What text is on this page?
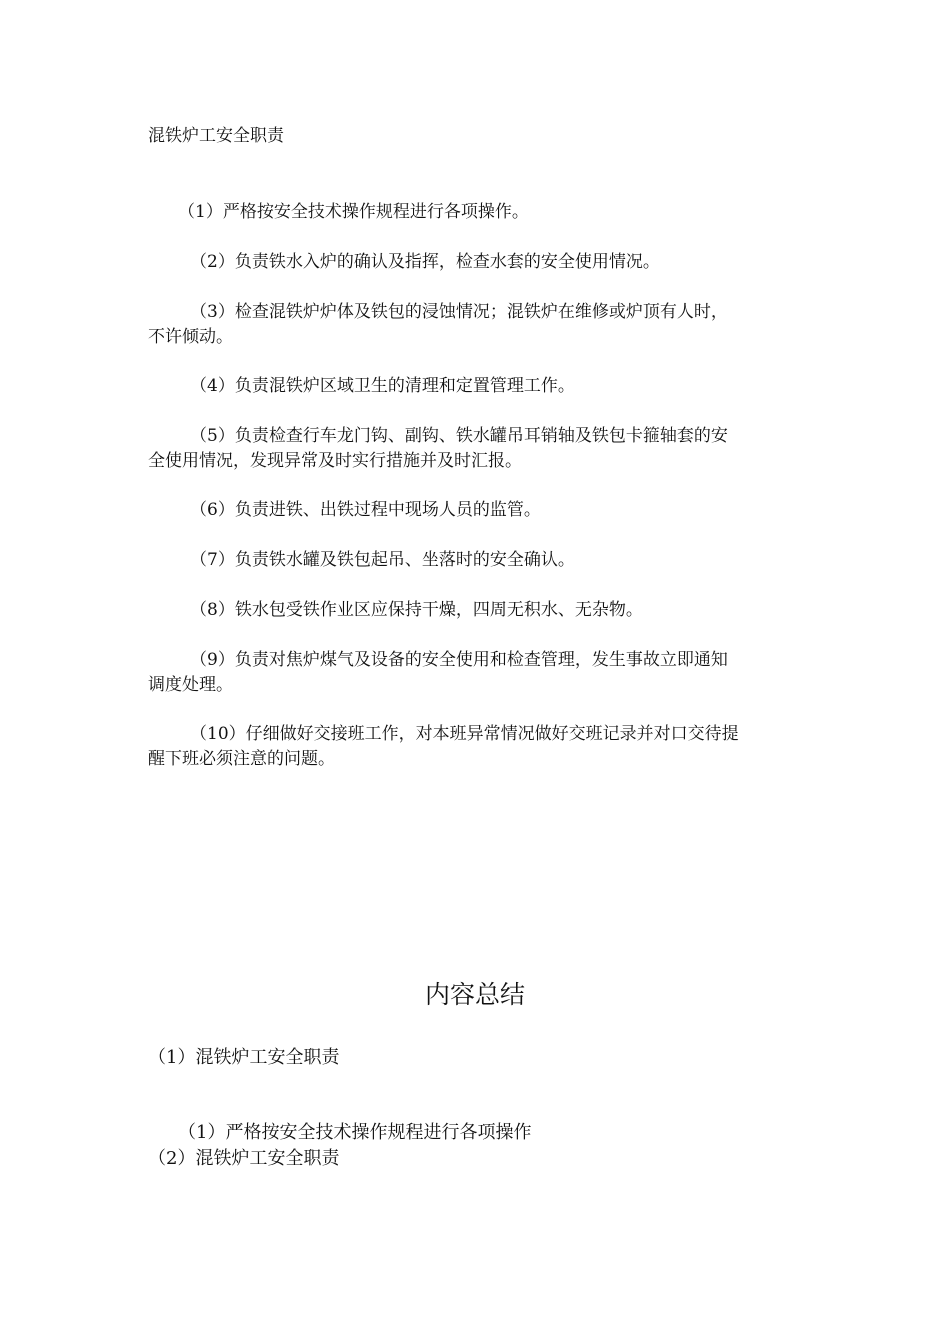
混铁炉工安全职责
（1）严格按安全技术操作规程进行各项操作。
（2）负责铁水入炉的确认及指挥，检查水套的安全使用情况。
（3）检查混铁炉炉体及铁包的浸蚀情况；混铁炉在维修或炉顶有人时，
不许倾动。
（4）负责混铁炉区域卫生的清理和定置管理工作。
（5）负责检查行车龙门钩、副钩、铁水罐吊耳销轴及铁包卡箍轴套的安
全使用情况，发现异常及时实行措施并及时汇报。
（6）负责进铁、出铁过程中现场人员的监管。
（7）负责铁水罐及铁包起吊、坐落时的安全确认。
（8）铁水包受铁作业区应保持干燥，四周无积水、无杂物。
（9）负责对焦炉煤气及设备的安全使用和检查管理，发生事故立即通知
调度处理。
（10）仔细做好交接班工作，对本班异常情况做好交班记录并对口交待提
醒下班必须注意的问题。
内容总结
（1）混铁炉工安全职责
（1）严格按安全技术操作规程进行各项操作
（2）混铁炉工安全职责
